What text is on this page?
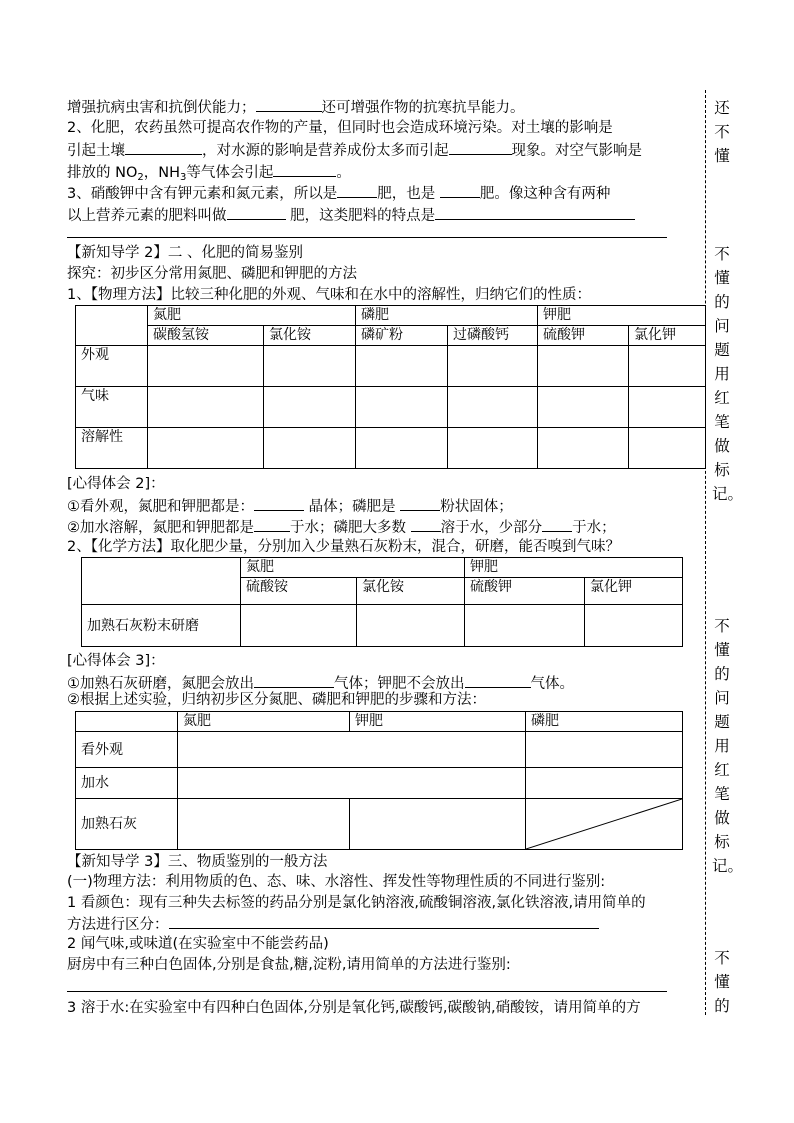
增强抗病虫害和抗倒伏能力；	还可增强作物的抗寒抗旱能力。
2、化肥，农药虽然可提高农作物的产量，但同时也会造成环境污染。对土壤的影响是
引起土壤	，对水源的影响是营养成份太多而引起	现象。对空气影响是
排放的 $NO_2$，$NH_3$等气体会引起	。
3、硝酸钾中含有钾元素和氮元素，所以是	肥，也是	肥。像这种含有两种
以上营养元素的肥料叫做	肥，这类肥料的特点是
【新知导学 2】二 、化肥的简易鉴别
探究：初步区分常用氮肥、磷肥和钾肥的方法
1、【物理方法】比较三种化肥的外观、气味和在水中的溶解性，归纳它们的性质：
	氮肥		磷肥		钾肥	
	碳酸氢铵	氯化铵	磷矿粉	过磷酸钙	硫酸钾	氯化钾
外观						
气味						
溶解性						
[心得体会 2]：
①看外观，氮肥和钾肥都是：	晶体；磷肥是	粉状固体；
②加水溶解，氮肥和钾肥都是 于水；磷肥大多数 溶于水，少部分 于水；
2、【化学方法】取化肥少量，分别加入少量熟石灰粉末，混合，研磨，能否嗅到气味？
	氮肥		钾肥	
	硫酸铵	氯化铵	硫酸钾	氯化钾
加熟石灰粉末研磨				
[心得体会 3]：
①加熟石灰研磨，氮肥会放出	气体；钾肥不会放出	气体。
②根据上述实验，归纳初步区分氮肥、磷肥和钾肥的步骤和方法：
	氮肥	钾肥	磷肥
看外观			
加水			
加熟石灰			
【新知导学 3】三、物质鉴别的一般方法
(一)物理方法：利用物质的色、态、味、水溶性、挥发性等物理性质的不同进行鉴别:
1 看颜色：现有三种失去标签的药品分别是氯化钠溶液,硫酸铜溶液,氯化铁溶液,请用简单的
方法进行区分：
2 闻气味,或味道(在实验室中不能尝药品)
厨房中有三种白色固体,分别是食盐,糖,淀粉,请用简单的方法进行鉴别:
3 溶于水:在实验室中有四种白色固体,分别是氧化钙,碳酸钙,碳酸钠,硝酸铵，请用简单的方
还不懂
不懂的问题用红笔做标记。
不懂的问题用红笔做标记。
不懂的
